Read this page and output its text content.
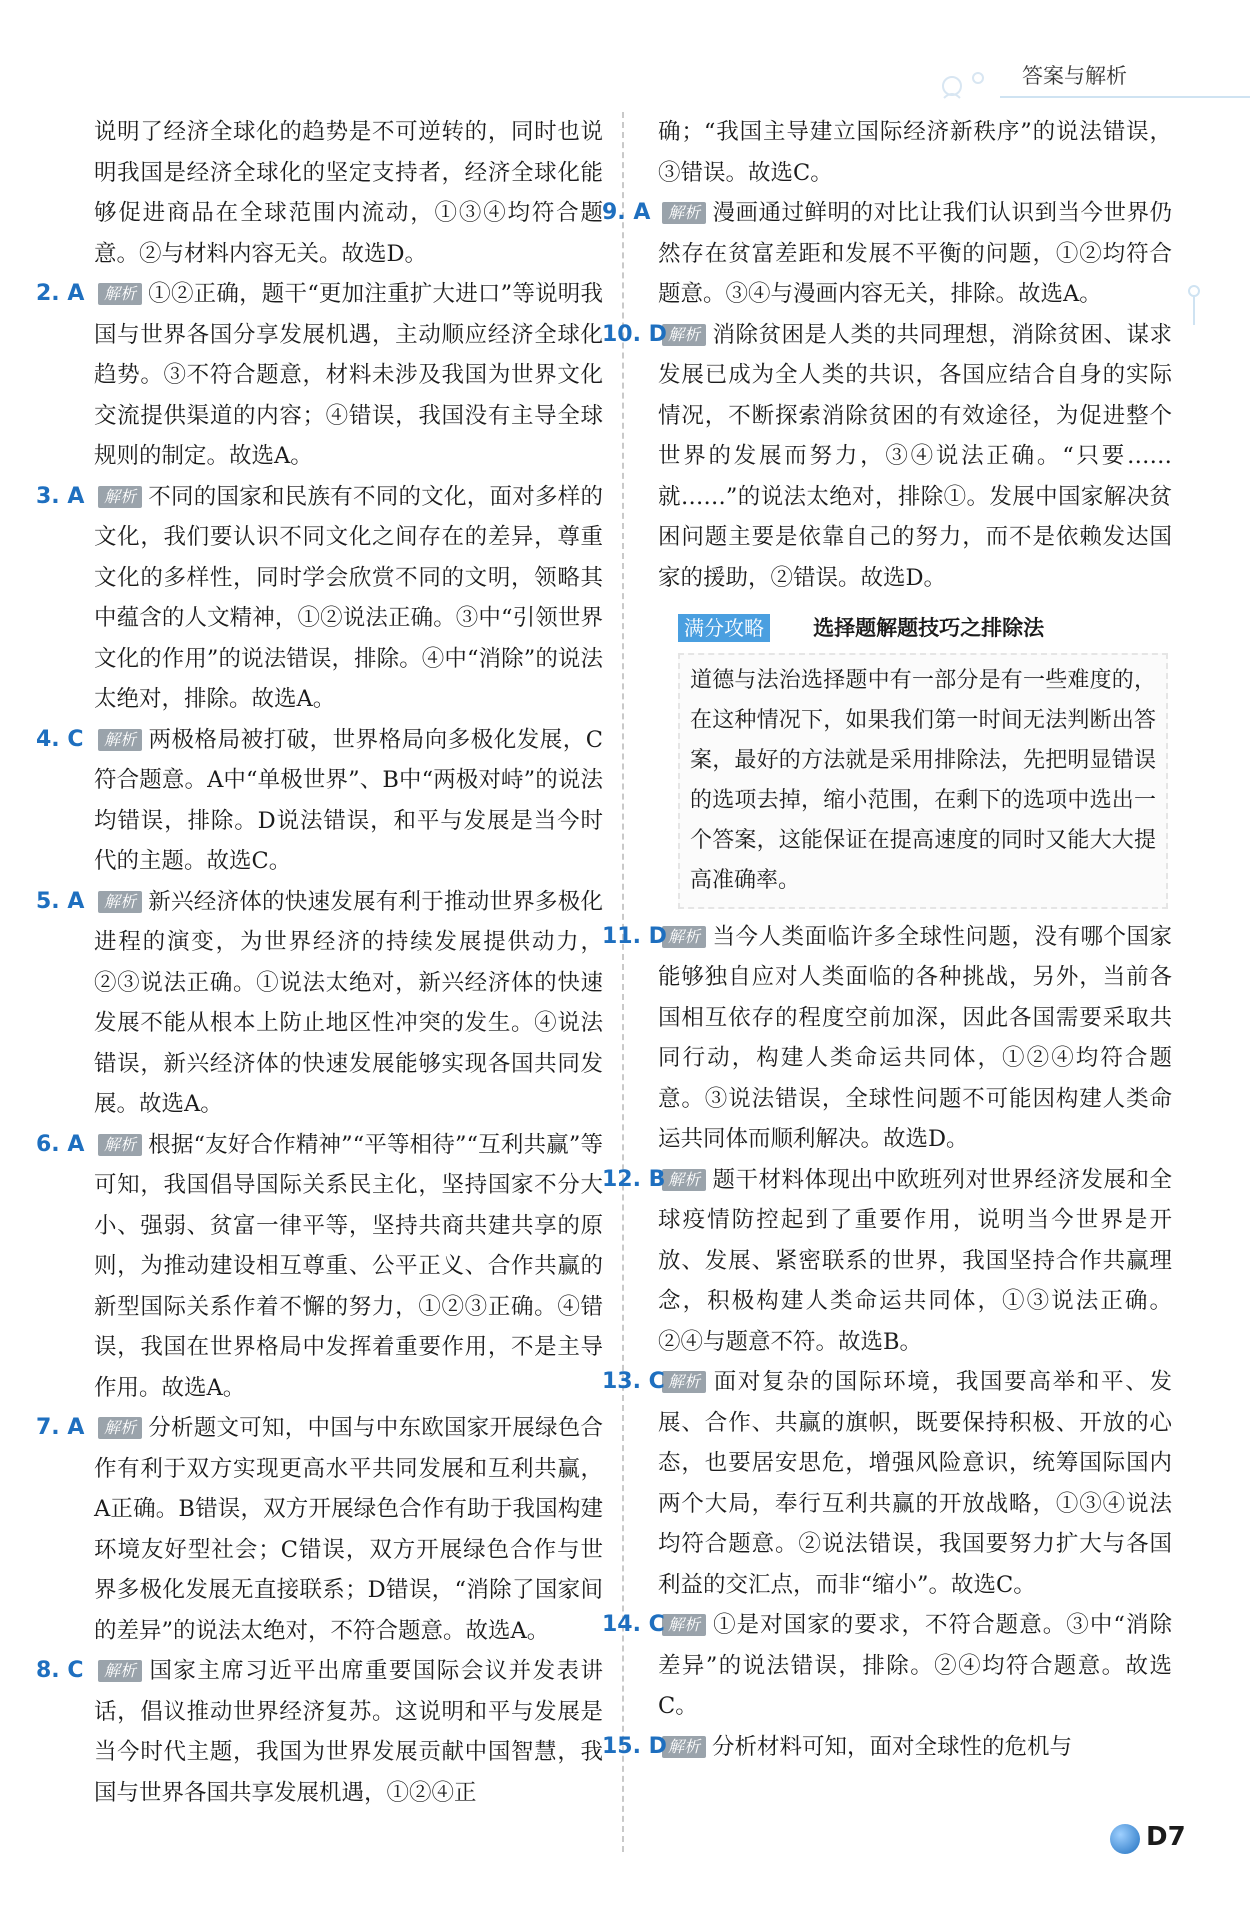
答案与解析

说明了经济全球化的趋势是不可逆转的，同时也说明我国是经济全球化的坚定支持者，经济全球化能够促进商品在全球范围内流动，①③④均符合题意。②与材料内容无关。故选D。

2. A 解析 ①②正确，题干“更加注重扩大进口”等说明我国与世界各国分享发展机遇，主动顺应经济全球化趋势。③不符合题意，材料未涉及我国为世界文化交流提供渠道的内容；④错误，我国没有主导全球规则的制定。故选A。
3. A 解析 不同的国家和民族有不同的文化，面对多样的文化，我们要认识不同文化之间存在的差异，尊重文化的多样性，同时学会欣赏不同的文明，领略其中蕴含的人文精神，①②说法正确。③中“引领世界文化的作用”的说法错误，排除。④中“消除”的说法太绝对，排除。故选A。
4. C 解析 两极格局被打破，世界格局向多极化发展，C符合题意。A中“单极世界”、B中“两极对峙”的说法均错误，排除。D说法错误，和平与发展是当今时代的主题。故选C。
5. A 解析 新兴经济体的快速发展有利于推动世界多极化进程的演变，为世界经济的持续发展提供动力，②③说法正确。①说法太绝对，新兴经济体的快速发展不能从根本上防止地区性冲突的发生。④说法错误，新兴经济体的快速发展能够实现各国共同发展。故选A。
6. A 解析 根据“友好合作精神”“平等相待”“互利共赢”等可知，我国倡导国际关系民主化，坚持国家不分大小、强弱、贫富一律平等，坚持共商共建共享的原则，为推动建设相互尊重、公平正义、合作共赢的新型国际关系作着不懈的努力，①②③正确。④错误，我国在世界格局中发挥着重要作用，不是主导作用。故选A。
7. A 解析 分析题文可知，中国与中东欧国家开展绿色合作有利于双方实现更高水平共同发展和互利共赢，A正确。B错误，双方开展绿色合作有助于我国构建环境友好型社会；C错误，双方开展绿色合作与世界多极化发展无直接联系；D错误，“消除了国家间的差异”的说法太绝对，不符合题意。故选A。
8. C 解析 国家主席习近平出席重要国际会议并发表讲话，倡议推动世界经济复苏。这说明和平与发展是当今时代主题，我国为世界发展贡献中国智慧，我国与世界各国共享发展机遇，①②④正

确；“我国主导建立国际经济新秩序”的说法错误，③错误。故选C。

9. A 解析 漫画通过鲜明的对比让我们认识到当今世界仍然存在贫富差距和发展不平衡的问题，①②均符合题意。③④与漫画内容无关，排除。故选A。
10. D 解析 消除贫困是人类的共同理想，消除贫困、谋求发展已成为全人类的共识，各国应结合自身的实际情况，不断探索消除贫困的有效途径，为促进整个世界的发展而努力，③④说法正确。“只要……就……”的说法太绝对，排除①。发展中国家解决贫困问题主要是依靠自己的努力，而不是依赖发达国家的援助，②错误。故选D。
满分攻略 选择题解题技巧之排除法
道德与法治选择题中有一部分是有一些难度的，在这种情况下，如果我们第一时间无法判断出答案，最好的方法就是采用排除法，先把明显错误的选项去掉，缩小范围，在剩下的选项中选出一个答案，这能保证在提高速度的同时又能大大提高准确率。
11. D 解析 当今人类面临许多全球性问题，没有哪个国家能够独自应对人类面临的各种挑战，另外，当前各国相互依存的程度空前加深，因此各国需要采取共同行动，构建人类命运共同体，①②④均符合题意。③说法错误，全球性问题不可能因构建人类命运共同体而顺利解决。故选D。
12. B 解析 题干材料体现出中欧班列对世界经济发展和全球疫情防控起到了重要作用，说明当今世界是开放、发展、紧密联系的世界，我国坚持合作共赢理念，积极构建人类命运共同体，①③说法正确。②④与题意不符。故选B。
13. C 解析 面对复杂的国际环境，我国要高举和平、发展、合作、共赢的旗帜，既要保持积极、开放的心态，也要居安思危，增强风险意识，统筹国际国内两个大局，奉行互利共赢的开放战略，①③④说法均符合题意。②说法错误，我国要努力扩大与各国利益的交汇点，而非“缩小”。故选C。
14. C 解析 ①是对国家的要求，不符合题意。③中“消除差异”的说法错误，排除。②④均符合题意。故选C。
15. D 解析 分析材料可知，面对全球性的危机与
D7
